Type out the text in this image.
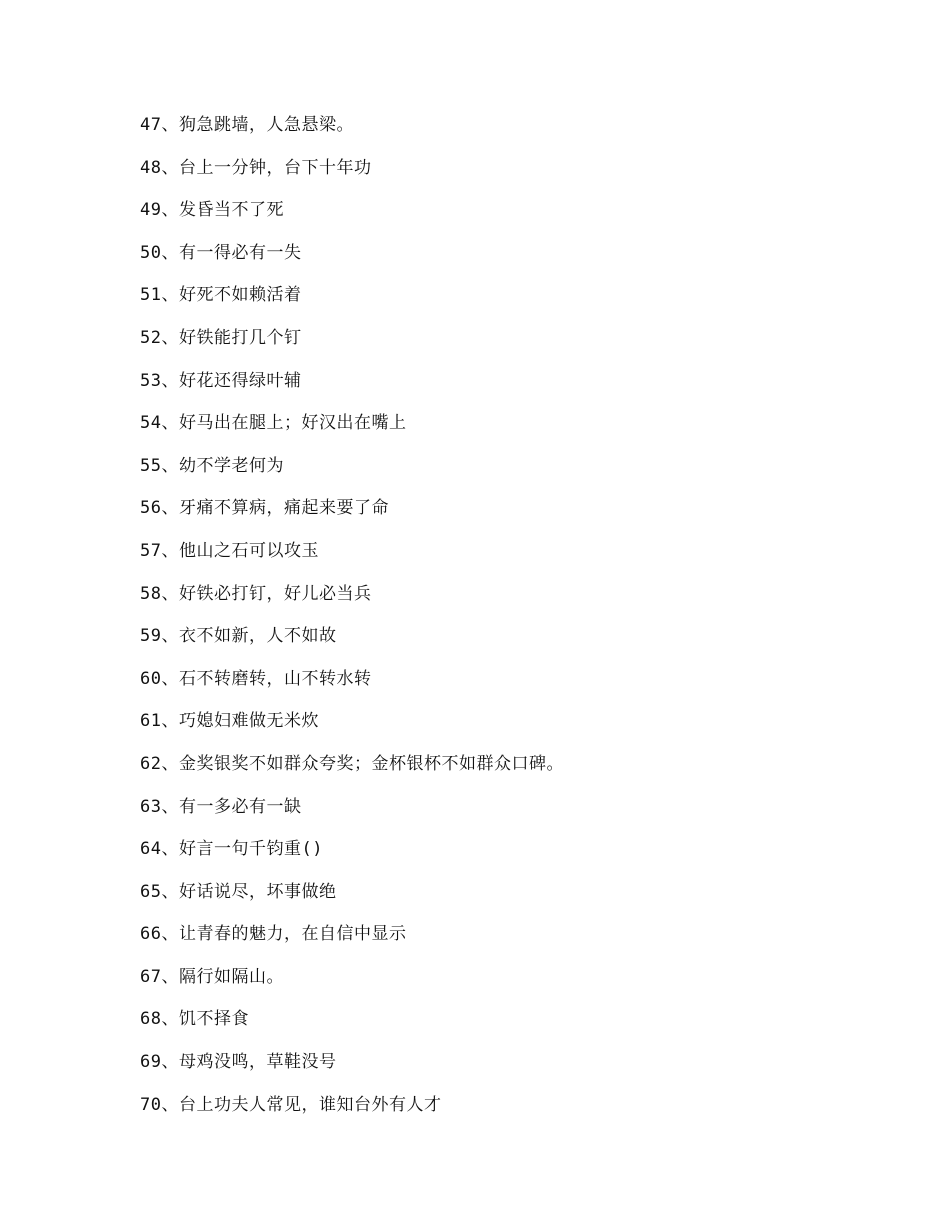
47、狗急跳墙，人急悬梁。
48、台上一分钟，台下十年功
49、发昏当不了死
50、有一得必有一失
51、好死不如赖活着
52、好铁能打几个钉
53、好花还得绿叶辅
54、好马出在腿上；好汉出在嘴上
55、幼不学老何为
56、牙痛不算病，痛起来要了命
57、他山之石可以攻玉
58、好铁必打钉，好儿必当兵
59、衣不如新，人不如故
60、石不转磨转，山不转水转
61、巧媳妇难做无米炊
62、金奖银奖不如群众夸奖；金杯银杯不如群众口碑。
63、有一多必有一缺
64、好言一句千钧重()
65、好话说尽，坏事做绝
66、让青春的魅力，在自信中显示
67、隔行如隔山。
68、饥不择食
69、母鸡没鸣，草鞋没号
70、台上功夫人常见，谁知台外有人才
